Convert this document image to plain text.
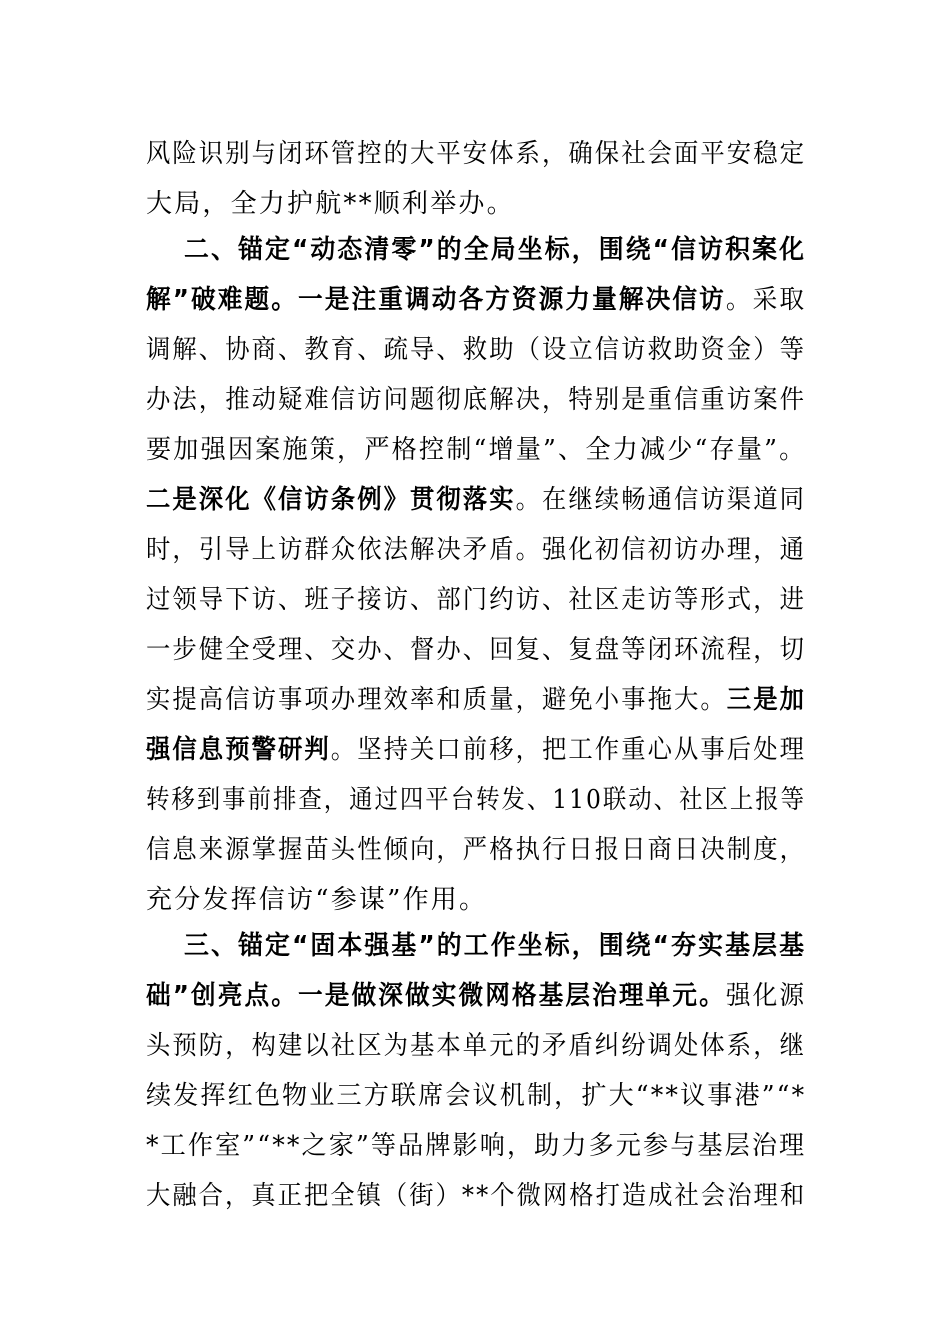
风险识别与闭环管控的大平安体系，确保社会面平安稳定
大局，全力护航**顺利举办。
二、锚定“动态清零”的全局坐标，围绕“信访积案化
解”破难题。一是注重调动各方资源力量解决信访。采取
调解、协商、教育、疏导、救助（设立信访救助资金）等
办法，推动疑难信访问题彻底解决，特别是重信重访案件
要加强因案施策，严格控制“增量”、全力减少“存量”。
二是深化《信访条例》贯彻落实。在继续畅通信访渠道同
时，引导上访群众依法解决矛盾。强化初信初访办理，通
过领导下访、班子接访、部门约访、社区走访等形式，进
一步健全受理、交办、督办、回复、复盘等闭环流程，切
实提高信访事项办理效率和质量，避免小事拖大。三是加
强信息预警研判。坚持关口前移，把工作重心从事后处理
转移到事前排查，通过四平台转发、110联动、社区上报等
信息来源掌握苗头性倾向，严格执行日报日商日决制度，
充分发挥信访“参谋”作用。
三、锚定“固本强基”的工作坐标，围绕“夯实基层基
础”创亮点。一是做深做实微网格基层治理单元。强化源
头预防，构建以社区为基本单元的矛盾纠纷调处体系，继
续发挥红色物业三方联席会议机制，扩大“**议事港”“*
*工作室”“**之家”等品牌影响，助力多元参与基层治理
大融合，真正把全镇（街）**个微网格打造成社会治理和
